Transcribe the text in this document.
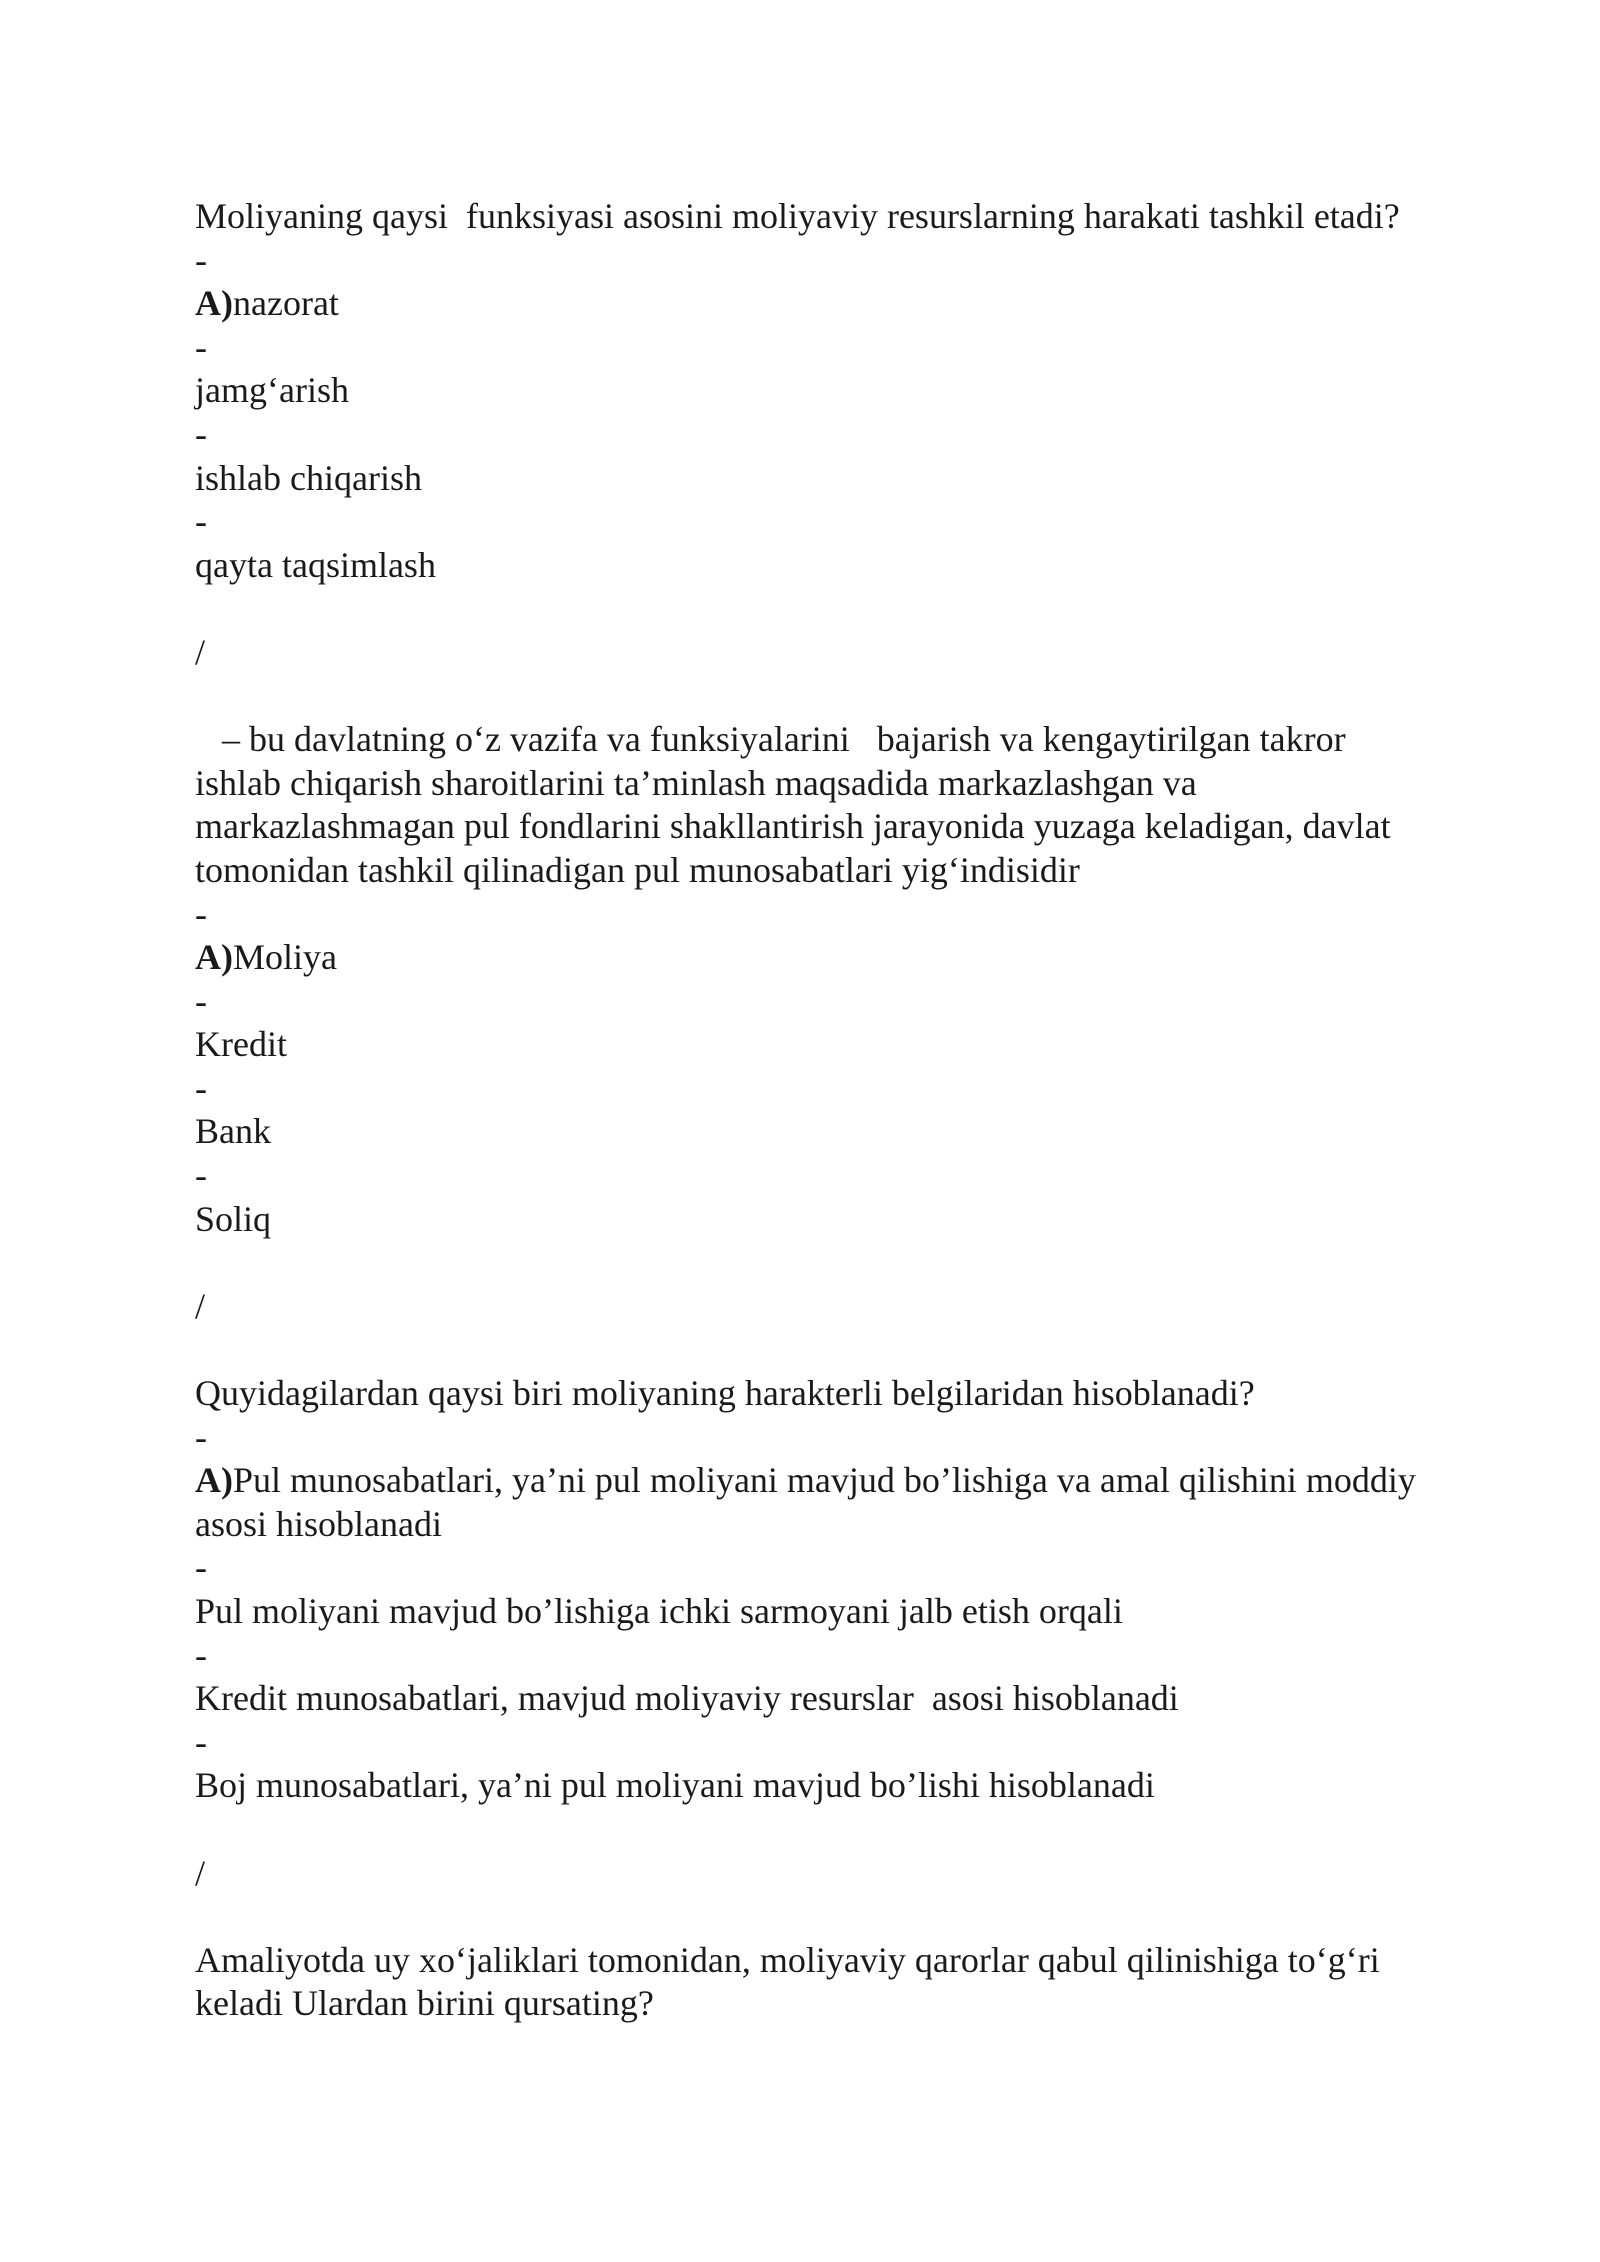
Moliyaning qaysi  funksiyasi asosini moliyaviy resurslarning harakati tashkil etadi?
-
A)nazorat
-
jamg‘arish
-
ishlab chiqarish
-
qayta taqsimlash
/
– bu davlatning o‘z vazifa va funksiyalarini   bajarish va kengaytirilgan takror ishlab chiqarish sharoitlarini ta’minlash maqsadida markazlashgan va markazlashmagan pul fondlarini shakllantirish jarayonida yuzaga keladigan, davlat tomonidan tashkil qilinadigan pul munosabatlari yig‘indisidir
-
A)Moliya
-
Kredit
-
Bank
-
Soliq
/
Quyidagilardan qaysi biri moliyaning harakterli belgilaridan hisoblanadi?
-
A)Pul munosabatlari, ya’ni pul moliyani mavjud bo’lishiga va amal qilishini moddiy asosi hisoblanadi
-
Pul moliyani mavjud bo’lishiga ichki sarmoyani jalb etish orqali
-
Kredit munosabatlari, mavjud moliyaviy resurslar  asosi hisoblanadi
-
Boj munosabatlari, ya’ni pul moliyani mavjud bo’lishi hisoblanadi
/
Amaliyotda uy xo‘jaliklari tomonidan, moliyaviy qarorlar qabul qilinishiga to‘g‘ri keladi Ulardan birini qursating?
